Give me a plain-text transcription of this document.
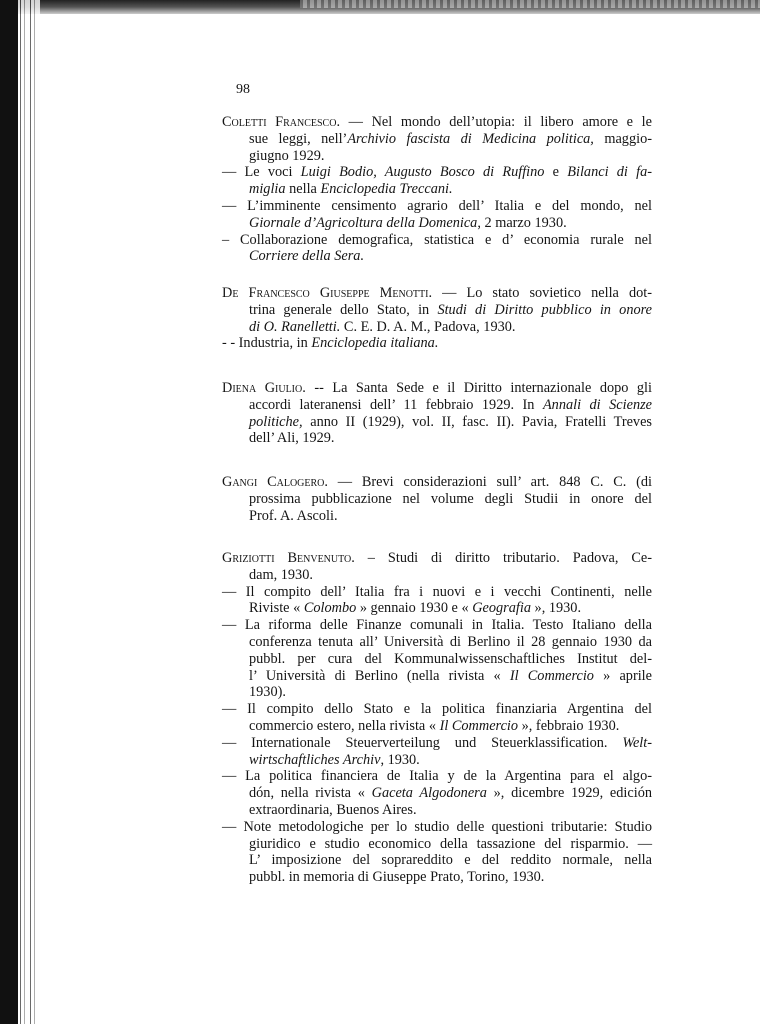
98
Coletti Francesco. — Nel mondo dell’utopia: il libero amore e le
sue leggi, nell’Archivio fascista di Medicina politica, maggio-
giugno 1929.
— Le voci Luigi Bodio, Augusto Bosco di Ruffino e Bilanci di fa-
miglia nella Enciclopedia Treccani.
— L’imminente censimento agrario dell’ Italia e del mondo, nel
Giornale d’Agricoltura della Domenica, 2 marzo 1930.
– Collaborazione demografica, statistica e d’ economia rurale nel
Corriere della Sera.
De Francesco Giuseppe Menotti. — Lo stato sovietico nella dot-
trina generale dello Stato, in Studi di Diritto pubblico in onore
di O. Ranelletti. C. E. D. A. M., Padova, 1930.
- - Industria, in Enciclopedia italiana.
Diena Giulio. -- La Santa Sede e il Diritto internazionale dopo gli
accordi lateranensi dell’ 11 febbraio 1929. In Annali di Scienze
politiche, anno II (1929), vol. II, fasc. II). Pavia, Fratelli Treves
dell’ Ali, 1929.
Gangi Calogero. — Brevi considerazioni sull’ art. 848 C. C. (di
prossima pubblicazione nel volume degli Studii in onore del
Prof. A. Ascoli.
Griziotti Benvenuto. – Studi di diritto tributario. Padova, Ce-
dam, 1930.
— Il compito dell’ Italia fra i nuovi e i vecchi Continenti, nelle
Riviste « Colombo » gennaio 1930 e « Geografia », 1930.
— La riforma delle Finanze comunali in Italia. Testo Italiano della
conferenza tenuta all’ Università di Berlino il 28 gennaio 1930 da
pubbl. per cura del Kommunalwissenschaftliches Institut del-
l’ Università di Berlino (nella rivista « Il Commercio » aprile
1930).
— Il compito dello Stato e la politica finanziaria Argentina del
commercio estero, nella rivista « Il Commercio », febbraio 1930.
— Internationale Steuerverteilung und Steuerklassification. Welt-
wirtschaftliches Archiv, 1930.
— La politica financiera de Italia y de la Argentina para el algo-
dón, nella rivista « Gaceta Algodonera », dicembre 1929, edición
extraordinaria, Buenos Aires.
— Note metodologiche per lo studio delle questioni tributarie: Studio
giuridico e studio economico della tassazione del risparmio. —
L’ imposizione del soprareddito e del reddito normale, nella
pubbl. in memoria di Giuseppe Prato, Torino, 1930.
